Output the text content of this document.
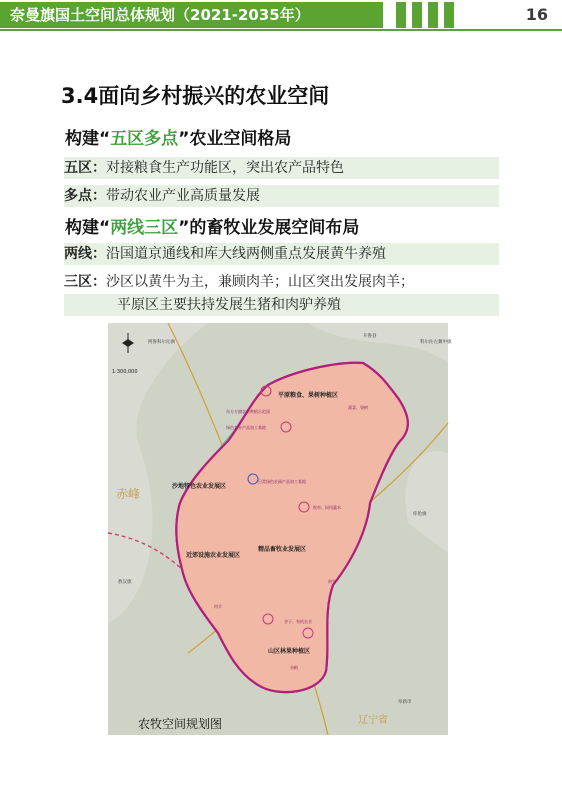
奈曼旗国土空间总体规划（2021-2035年）	16
3.4面向乡村振兴的农业空间
构建“五区多点”农业空间格局
五区：对接粮食生产功能区，突出农产品特色
多点：带动农业产业高质量发展
构建“两线三区”的畜牧业发展空间布局
两线：沿国道京通线和库大线两侧重点发展黄牛养殖
三区：沙区以黄牛为主，兼顾肉羊；山区突出发展肉羊；
平原区主要扶持发展生猪和肉驴养殖
1:300,000
平原粮食、果树种植区
沙地特色农业发展区
近郊设施农业发展区
精品畜牧业发展区
山区林果种植区
阿鲁科尔沁旗
开鲁县
科尔沁左翼中旗
库伦旗
敖汉旗
赤峰
辽宁省
阜新市
东方万旗农业种植示范园
绿色农业产品加工基地
日常绿色农副产品加工基地
牧草、饲用灌木
蔬菜、果树
黄牛
肉羊
杂粮
谷子、有机农业
农牧空间规划图
